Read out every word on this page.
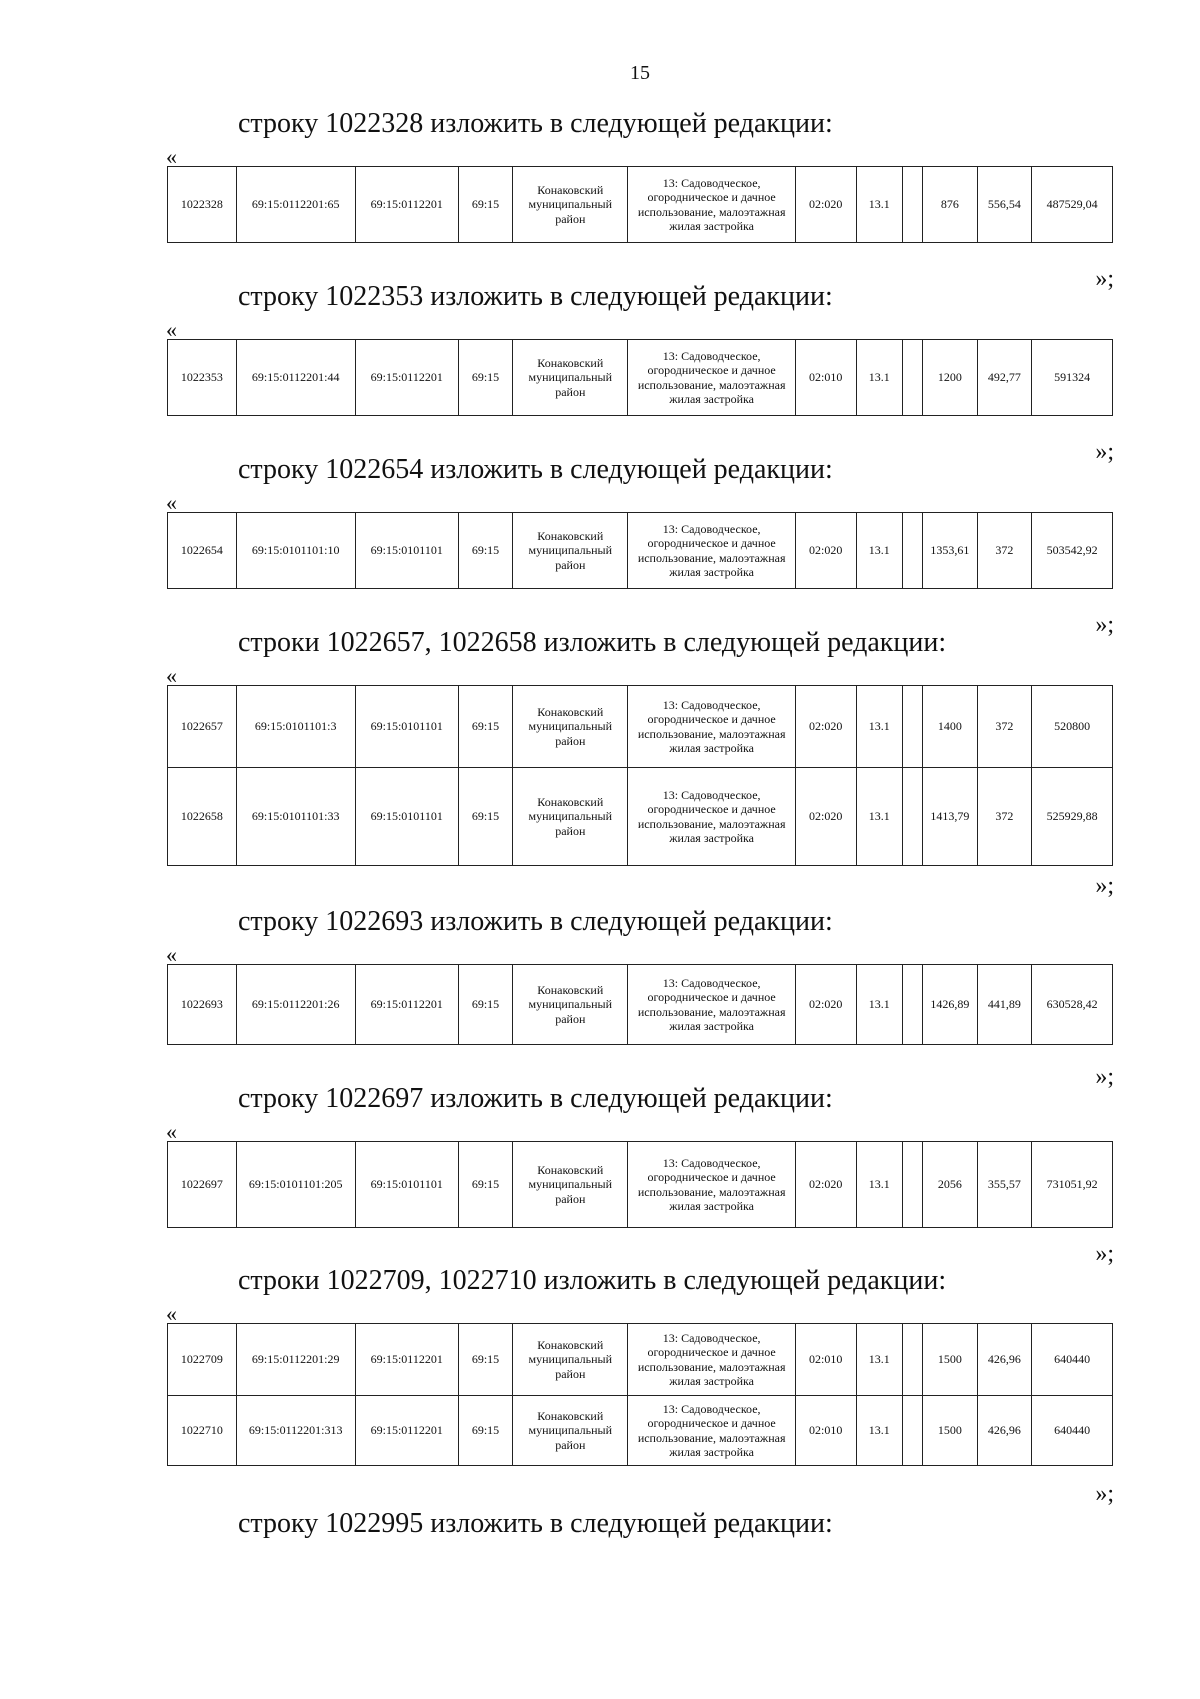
15
строку 1022328 изложить в следующей редакции:
«
1022328	69:15:0112201:65	69:15:0112201	69:15	Конаковский муниципальный район	13: Садоводческое, огородническое и дачное использование, малоэтажная жилая застройка	02:020	13.1		876	556,54	487529,04
»;
строку 1022353 изложить в следующей редакции:
«
1022353	69:15:0112201:44	69:15:0112201	69:15	Конаковский муниципальный район	13: Садоводческое, огородническое и дачное использование, малоэтажная жилая застройка	02:010	13.1		1200	492,77	591324
»;
строку 1022654 изложить в следующей редакции:
«
1022654	69:15:0101101:10	69:15:0101101	69:15	Конаковский муниципальный район	13: Садоводческое, огородническое и дачное использование, малоэтажная жилая застройка	02:020	13.1		1353,61	372	503542,92
»;
строки 1022657, 1022658 изложить в следующей редакции:
«
1022657	69:15:0101101:3	69:15:0101101	69:15	Конаковский муниципальный район	13: Садоводческое, огородническое и дачное использование, малоэтажная жилая застройка	02:020	13.1		1400	372	520800
1022658	69:15:0101101:33	69:15:0101101	69:15	Конаковский муниципальный район	13: Садоводческое, огородническое и дачное использование, малоэтажная жилая застройка	02:020	13.1		1413,79	372	525929,88
»;
строку 1022693 изложить в следующей редакции:
«
1022693	69:15:0112201:26	69:15:0112201	69:15	Конаковский муниципальный район	13: Садоводческое, огородническое и дачное использование, малоэтажная жилая застройка	02:020	13.1		1426,89	441,89	630528,42
»;
строку 1022697 изложить в следующей редакции:
«
1022697	69:15:0101101:205	69:15:0101101	69:15	Конаковский муниципальный район	13: Садоводческое, огородническое и дачное использование, малоэтажная жилая застройка	02:020	13.1		2056	355,57	731051,92
»;
строки 1022709, 1022710 изложить в следующей редакции:
«
1022709	69:15:0112201:29	69:15:0112201	69:15	Конаковский муниципальный район	13: Садоводческое, огородническое и дачное использование, малоэтажная жилая застройка	02:010	13.1		1500	426,96	640440
1022710	69:15:0112201:313	69:15:0112201	69:15	Конаковский муниципальный район	13: Садоводческое, огородническое и дачное использование, малоэтажная жилая застройка	02:010	13.1		1500	426,96	640440
»;
строку 1022995 изложить в следующей редакции:
